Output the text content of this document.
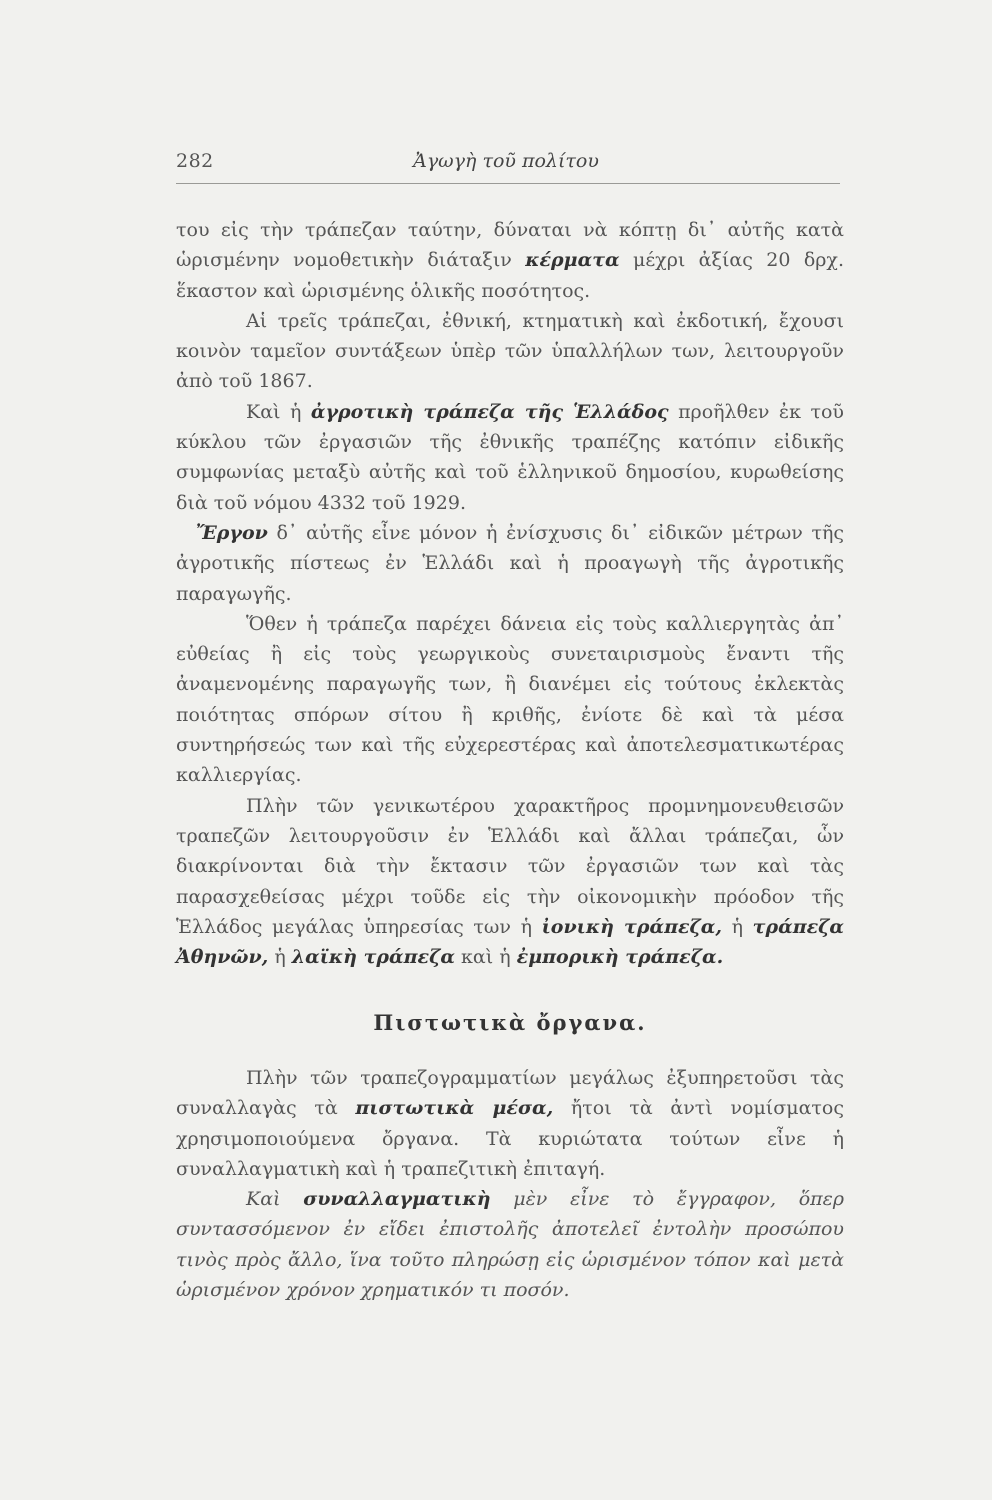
282	Ἀγωγὴ τοῦ πολίτου

του εἰς τὴν τράπεζαν ταύτην, δύναται νὰ κόπτῃ δι᾽ αὐτῆς κατὰ ὡρισμένην νομοθετικὴν διάταξιν κέρματα μέχρι ἀξίας 20 δρχ. ἕκαστον καὶ ὡρισμένης ὁλικῆς ποσότητος.

Αἱ τρεῖς τράπεζαι, ἐθνική, κτηματικὴ καὶ ἐκδοτική, ἔχουσι κοινὸν ταμεῖον συντάξεων ὑπὲρ τῶν ὑπαλλήλων των, λειτουργοῦν ἀπὸ τοῦ 1867.

Καὶ ἡ ἀγροτικὴ τράπεζα τῆς Ἑλλάδος προῆλθεν ἐκ τοῦ κύκλου τῶν ἐργασιῶν τῆς ἐθνικῆς τραπέζης κατόπιν εἰδικῆς συμφωνίας μεταξὺ αὐτῆς καὶ τοῦ ἑλληνικοῦ δημοσίου, κυρωθείσης διὰ τοῦ νόμου 4332 τοῦ 1929.

Ἔργον δ᾽ αὐτῆς εἶνε μόνον ἡ ἐνίσχυσις δι᾽ εἰδικῶν μέτρων τῆς ἀγροτικῆς πίστεως ἐν Ἑλλάδι καὶ ἡ προαγωγὴ τῆς ἀγροτικῆς παραγωγῆς.

Ὅθεν ἡ τράπεζα παρέχει δάνεια εἰς τοὺς καλλιεργητὰς ἀπ᾽ εὐθείας ἢ εἰς τοὺς γεωργικοὺς συνεταιρισμοὺς ἔναντι τῆς ἀναμενομένης παραγωγῆς των, ἢ διανέμει εἰς τούτους ἐκλεκτὰς ποιότητας σπόρων σίτου ἢ κριθῆς, ἐνίοτε δὲ καὶ τὰ μέσα συντηρήσεώς των καὶ τῆς εὐχερεστέρας καὶ ἀποτελεσματικωτέρας καλλιεργίας.

Πλὴν τῶν γενικωτέρου χαρακτῆρος προμνημονευθεισῶν τραπεζῶν λειτουργοῦσιν ἐν Ἑλλάδι καὶ ἄλλαι τράπεζαι, ὧν διακρίνονται διὰ τὴν ἔκτασιν τῶν ἐργασιῶν των καὶ τὰς παρασχεθείσας μέχρι τοῦδε εἰς τὴν οἰκονομικὴν πρόοδον τῆς Ἑλλάδος μεγάλας ὑπηρεσίας των ἡ ἰονικὴ τράπεζα, ἡ τράπεζα Ἀθηνῶν, ἡ λαϊκὴ τράπεζα καὶ ἡ ἐμπορικὴ τράπεζα.

Πιστωτικὰ ὄργανα.

Πλὴν τῶν τραπεζογραμματίων μεγάλως ἐξυπηρετοῦσι τὰς συναλλαγὰς τὰ πιστωτικὰ μέσα, ἤτοι τὰ ἀντὶ νομίσματος χρησιμοποιούμενα ὄργανα. Τὰ κυριώτατα τούτων εἶνε ἡ συναλλαγματικὴ καὶ ἡ τραπεζιτικὴ ἐπιταγή.

Καὶ συναλλαγματικὴ μὲν εἶνε τὸ ἔγγραφον, ὅπερ συντασσόμενον ἐν εἴδει ἐπιστολῆς ἀποτελεῖ ἐντολὴν προσώπου τινὸς πρὸς ἄλλο, ἵνα τοῦτο πληρώσῃ εἰς ὡρισμένον τόπον καὶ μετὰ ὡρισμένον χρόνον χρηματικόν τι ποσόν.
